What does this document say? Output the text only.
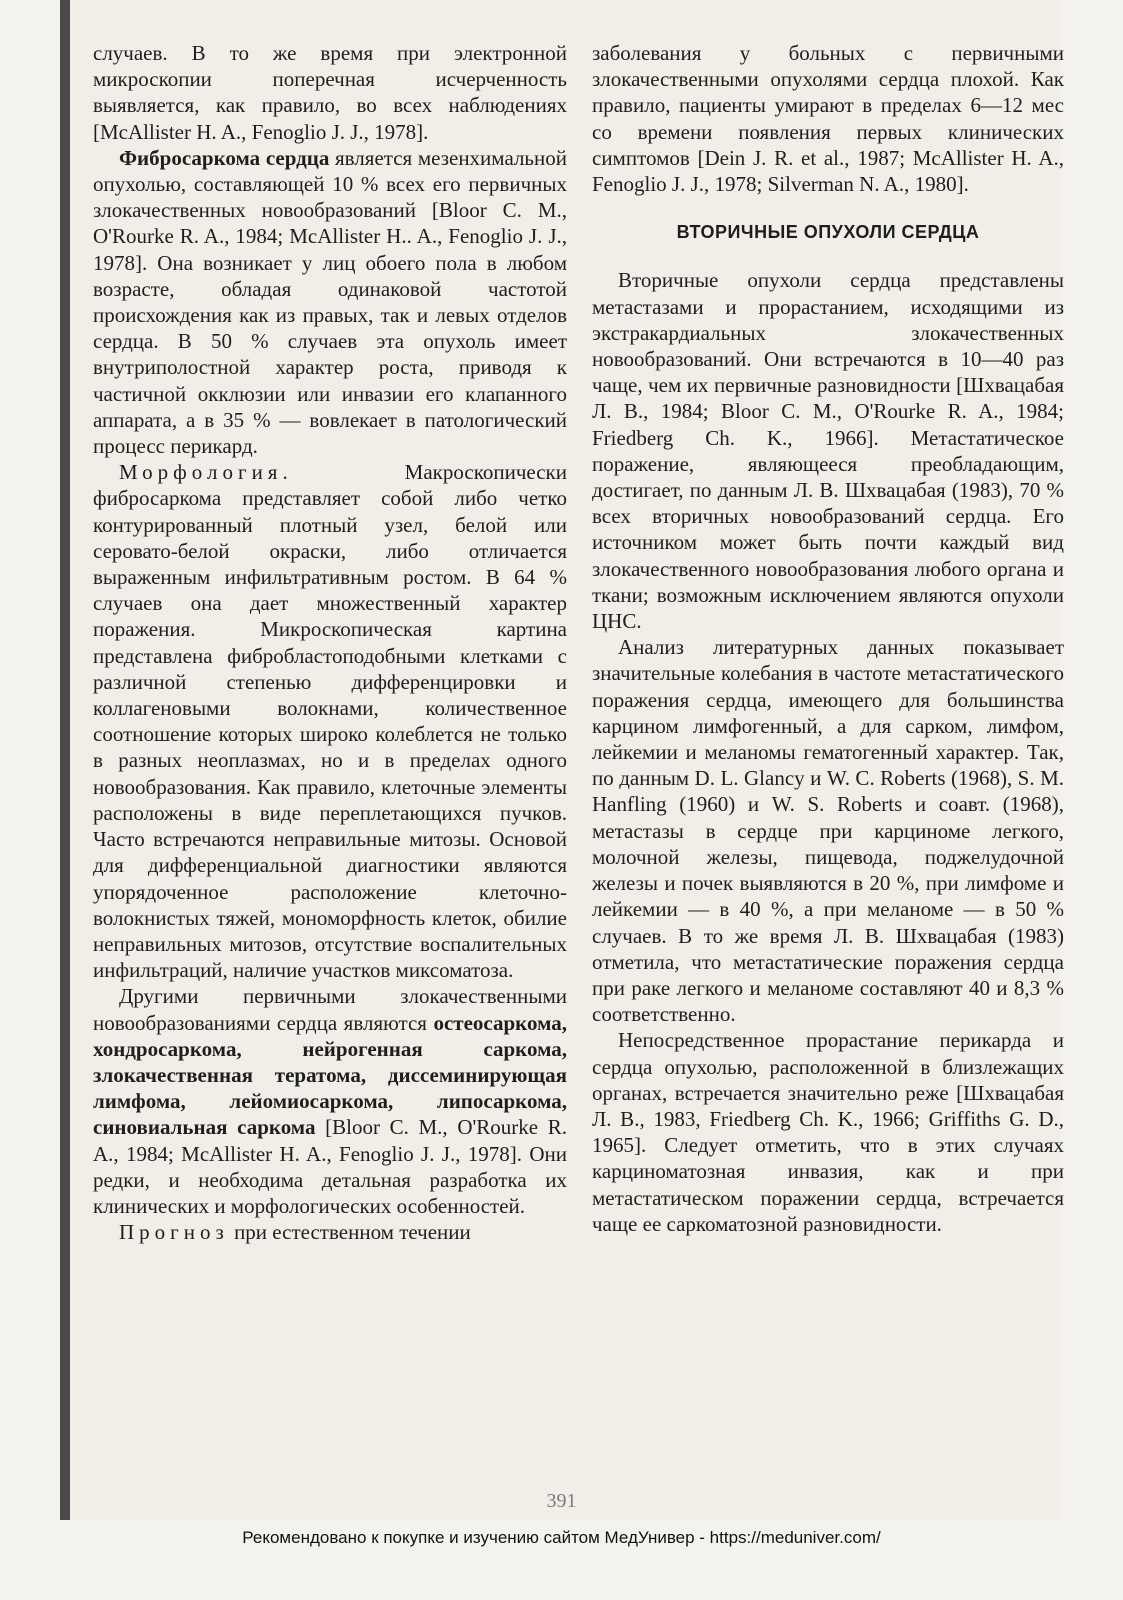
случаев. В то же время при электронной микроскопии поперечная исчерченность выявляется, как правило, во всех наблюдениях [McAllister H. A., Fenoglio J. J., 1978].

Фибросаркома сердца является мезенхимальной опухолью, составляющей 10 % всех его первичных злокачественных новообразований [Bloor C. M., O'Rourke R. A., 1984; McAllister H.. A., Fenoglio J. J., 1978]. Она возникает у лиц обоего пола в любом возрасте, обладая одинаковой частотой происхождения как из правых, так и левых отделов сердца. В 50 % случаев эта опухоль имеет внутриполостной характер роста, приводя к частичной окклюзии или инвазии его клапанного аппарата, а в 35 % — вовлекает в патологический процесс перикард.

Морфология. Макроскопически фибросаркома представляет собой либо четко контурированный плотный узел, белой или серовато-белой окраски, либо отличается выраженным инфильтративным ростом. В 64 % случаев она дает множественный характер поражения. Микроскопическая картина представлена фибробластоподобными клетками с различной степенью дифференцировки и коллагеновыми волокнами, количественное соотношение которых широко колеблется не только в разных неоплазмах, но и в пределах одного новообразования. Как правило, клеточные элементы расположены в виде переплетающихся пучков. Часто встречаются неправильные митозы. Основой для дифференциальной диагностики являются упорядоченное расположение клеточно-волокнистых тяжей, мономорфность клеток, обилие неправильных митозов, отсутствие воспалительных инфильтраций, наличие участков миксоматоза.

Другими первичными злокачественными новообразованиями сердца являются остеосаркома, хондросаркома, нейрогенная саркома, злокачественная тератома, диссеминирующая лимфома, лейомиосаркома, липосаркома, синовиальная саркома [Bloor C. M., O'Rourke R. A., 1984; McAllister H. A., Fenoglio J. J., 1978]. Они редки, и необходима детальная разработка их клинических и морфологических особенностей.

Прогноз при естественном течении

заболевания у больных с первичными злокачественными опухолями сердца плохой. Как правило, пациенты умирают в пределах 6—12 мес со времени появления первых клинических симптомов [Dein J. R. et al., 1987; McAllister H. A., Fenoglio J. J., 1978; Silverman N. A., 1980].

ВТОРИЧНЫЕ ОПУХОЛИ СЕРДЦА

Вторичные опухоли сердца представлены метастазами и прорастанием, исходящими из экстракардиальных злокачественных новообразований. Они встречаются в 10—40 раз чаще, чем их первичные разновидности [Шхвацабая Л. В., 1984; Bloor C. M., O'Rourke R. A., 1984; Friedberg Ch. K., 1966]. Метастатическое поражение, являющееся преобладающим, достигает, по данным Л. В. Шхвацабая (1983), 70 % всех вторичных новообразований сердца. Его источником может быть почти каждый вид злокачественного новообразования любого органа и ткани; возможным исключением являются опухоли ЦНС.

Анализ литературных данных показывает значительные колебания в частоте метастатического поражения сердца, имеющего для большинства карцином лимфогенный, а для сарком, лимфом, лейкемии и меланомы гематогенный характер. Так, по данным D. L. Glancy и W. C. Roberts (1968), S. M. Hanfling (1960) и W. S. Roberts и соавт. (1968), метастазы в сердце при карциноме легкого, молочной железы, пищевода, поджелудочной железы и почек выявляются в 20 %, при лимфоме и лейкемии — в 40 %, а при меланоме — в 50 % случаев. В то же время Л. В. Шхвацабая (1983) отметила, что метастатические поражения сердца при раке легкого и меланоме составляют 40 и 8,3 % соответственно.

Непосредственное прорастание перикарда и сердца опухолью, расположенной в близлежащих органах, встречается значительно реже [Шхвацабая Л. В., 1983, Friedberg Ch. K., 1966; Griffiths G. D., 1965]. Следует отметить, что в этих случаях карциноматозная инвазия, как и при метастатическом поражении сердца, встречается чаще ее саркоматозной разновидности.

391
Рекомендовано к покупке и изучению сайтом МедУнивер - https://meduniver.com/
